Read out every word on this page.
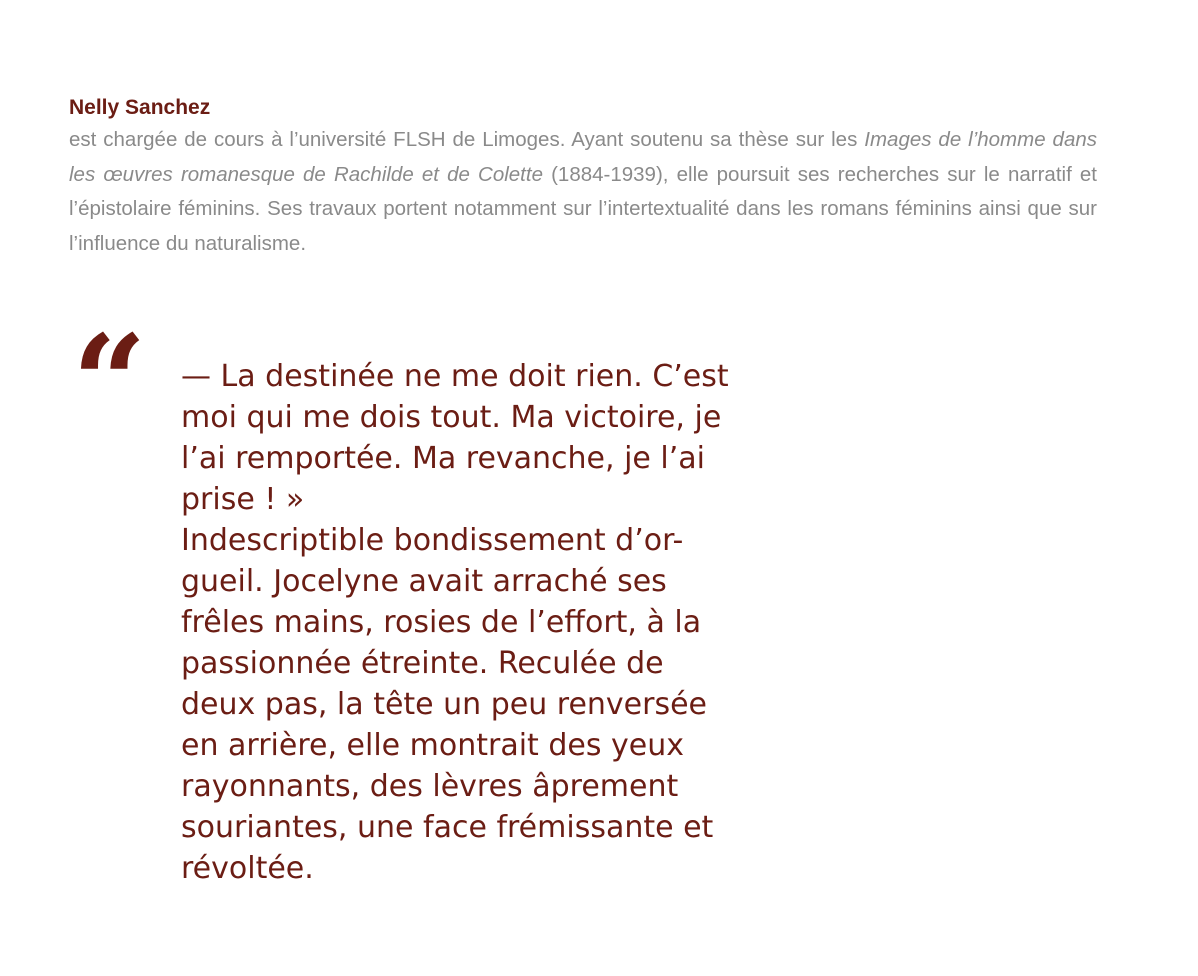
Nelly Sanchez

est chargée de cours à l’université FLSH de Limoges. Ayant soutenu sa thèse sur les Images de l’homme dans les œuvres romanesque de Rachilde et de Colette (1884-1939), elle poursuit ses recherches sur le narratif et l’épistolaire féminins. Ses travaux portent notamment sur l’intertextualité dans les romans féminins ainsi que sur l’influence du naturalisme.

“ — La destinée ne me doit rien. C’est
moi qui me dois tout. Ma victoire, je
l’ai remportée. Ma revanche, je l’ai
prise ! »
Indescriptible bondissement d’or-
gueil. Jocelyne avait arraché ses
frêles mains, rosies de l’effort, à la
passionnée étreinte. Reculée de
deux pas, la tête un peu renversée
en arrière, elle montrait des yeux
rayonnants, des lèvres âprement
souriantes, une face frémissante et
révoltée.
